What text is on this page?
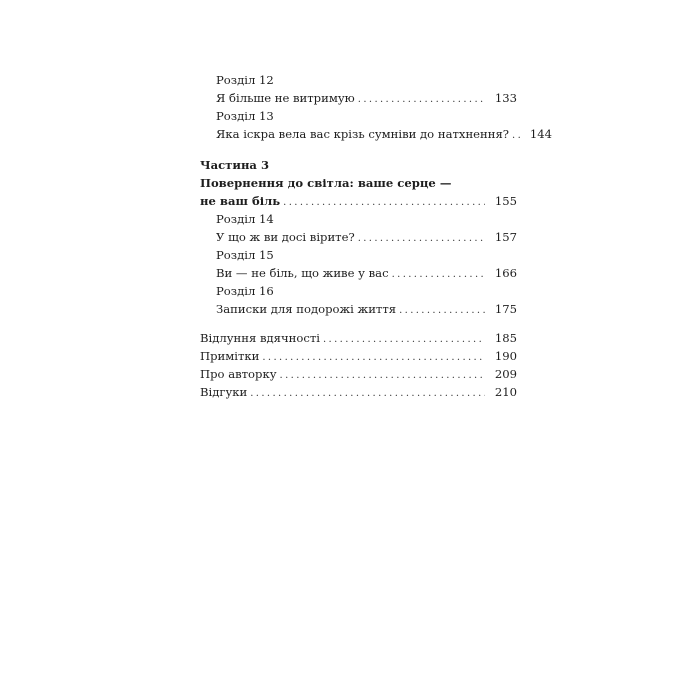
Розділ 12
Я більше не витримую . . .	133
Розділ 13
Яка іскра вела вас крізь сумніви до натхнення? . . .	144
Частина 3
Повернення до світла: ваше серце —
не ваш біль . . .	155
Розділ 14
У що ж ви досі вірите? . . .	157
Розділ 15
Ви — не біль, що живе у вас . . .	166
Розділ 16
Записки для подорожі життя . . .	175
Відлуння вдячності . . .	185
Примітки . . .	190
Про авторку . . .	209
Відгуки . . .	210
